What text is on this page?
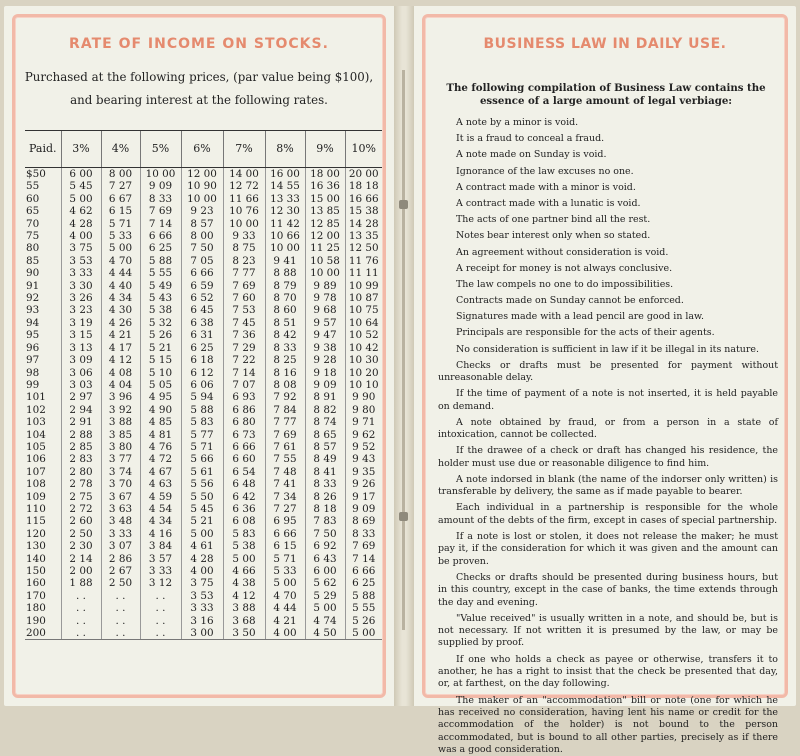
RATE OF INCOME ON STOCKS.
Purchased at the following prices, (par value being $100),
and bearing interest at the following rates.
Paid.	3%	4%	5%	6%	7%	8%	9%	10%
$50	6 00	8 00	10 00	12 00	14 00	16 00	18 00	20 00
55	5 45	7 27	9 09	10 90	12 72	14 55	16 36	18 18
60	5 00	6 67	8 33	10 00	11 66	13 33	15 00	16 66
65	4 62	6 15	7 69	9 23	10 76	12 30	13 85	15 38
70	4 28	5 71	7 14	8 57	10 00	11 42	12 85	14 28
75	4 00	5 33	6 66	8 00	9 33	10 66	12 00	13 35
80	3 75	5 00	6 25	7 50	8 75	10 00	11 25	12 50
85	3 53	4 70	5 88	7 05	8 23	9 41	10 58	11 76
90	3 33	4 44	5 55	6 66	7 77	8 88	10 00	11 11
91	3 30	4 40	5 49	6 59	7 69	8 79	9 89	10 99
92	3 26	4 34	5 43	6 52	7 60	8 70	9 78	10 87
93	3 23	4 30	5 38	6 45	7 53	8 60	9 68	10 75
94	3 19	4 26	5 32	6 38	7 45	8 51	9 57	10 64
95	3 15	4 21	5 26	6 31	7 36	8 42	9 47	10 52
96	3 13	4 17	5 21	6 25	7 29	8 33	9 38	10 42
97	3 09	4 12	5 15	6 18	7 22	8 25	9 28	10 30
98	3 06	4 08	5 10	6 12	7 14	8 16	9 18	10 20
99	3 03	4 04	5 05	6 06	7 07	8 08	9 09	10 10
101	2 97	3 96	4 95	5 94	6 93	7 92	8 91	9 90
102	2 94	3 92	4 90	5 88	6 86	7 84	8 82	9 80
103	2 91	3 88	4 85	5 83	6 80	7 77	8 74	9 71
104	2 88	3 85	4 81	5 77	6 73	7 69	8 65	9 62
105	2 85	3 80	4 76	5 71	6 66	7 61	8 57	9 52
106	2 83	3 77	4 72	5 66	6 60	7 55	8 49	9 43
107	2 80	3 74	4 67	5 61	6 54	7 48	8 41	9 35
108	2 78	3 70	4 63	5 56	6 48	7 41	8 33	9 26
109	2 75	3 67	4 59	5 50	6 42	7 34	8 26	9 17
110	2 72	3 63	4 54	5 45	6 36	7 27	8 18	9 09
115	2 60	3 48	4 34	5 21	6 08	6 95	7 83	8 69
120	2 50	3 33	4 16	5 00	5 83	6 66	7 50	8 33
130	2 30	3 07	3 84	4 61	5 38	6 15	6 92	7 69
140	2 14	2 86	3 57	4 28	5 00	5 71	6 43	7 14
150	2 00	2 67	3 33	4 00	4 66	5 33	6 00	6 66
160	1 88	2 50	3 12	3 75	4 38	5 00	5 62	6 25
170	. .	. .	. .	3 53	4 12	4 70	5 29	5 88
180	. .	. .	. .	3 33	3 88	4 44	5 00	5 55
190	. .	. .	. .	3 16	3 68	4 21	4 74	5 26
200	. .	. .	. .	3 00	3 50	4 00	4 50	5 00
BUSINESS LAW IN DAILY USE.
The following compilation of Business Law contains the essence of a large amount of legal verbiage:

A note by a minor is void.

It is a fraud to conceal a fraud.

A note made on Sunday is void.

Ignorance of the law excuses no one.

A contract made with a minor is void.

A contract made with a lunatic is void.

The acts of one partner bind all the rest.

Notes bear interest only when so stated.

An agreement without consideration is void.

A receipt for money is not always conclusive.

The law compels no one to do impossibilities.

Contracts made on Sunday cannot be enforced.

Signatures made with a lead pencil are good in law.

Principals are responsible for the acts of their agents.

No consideration is sufficient in law if it be illegal in its nature.

Checks or drafts must be presented for payment without unreasonable delay.

If the time of payment of a note is not inserted, it is held payable on demand.

A note obtained by fraud, or from a person in a state of intoxication, cannot be collected.

If the drawee of a check or draft has changed his residence, the holder must use due or reasonable diligence to find him.

A note indorsed in blank (the name of the indorser only written) is transferable by delivery, the same as if made payable to bearer.

Each individual in a partnership is responsible for the whole amount of the debts of the firm, except in cases of special partnership.

If a note is lost or stolen, it does not release the maker; he must pay it, if the consideration for which it was given and the amount can be proven.

Checks or drafts should be presented during business hours, but in this country, except in the case of banks, the time extends through the day and evening.

"Value received" is usually written in a note, and should be, but is not necessary. If not written it is presumed by the law, or may be supplied by proof.

If one who holds a check as payee or otherwise, transfers it to another, he has a right to insist that the check be presented that day, or, at farthest, on the day following.

The maker of an "accommodation" bill or note (one for which he has received no consideration, having lent his name or credit for the accommodation of the holder) is not bound to the person accommodated, but is bound to all other parties, precisely as if there was a good consideration.
